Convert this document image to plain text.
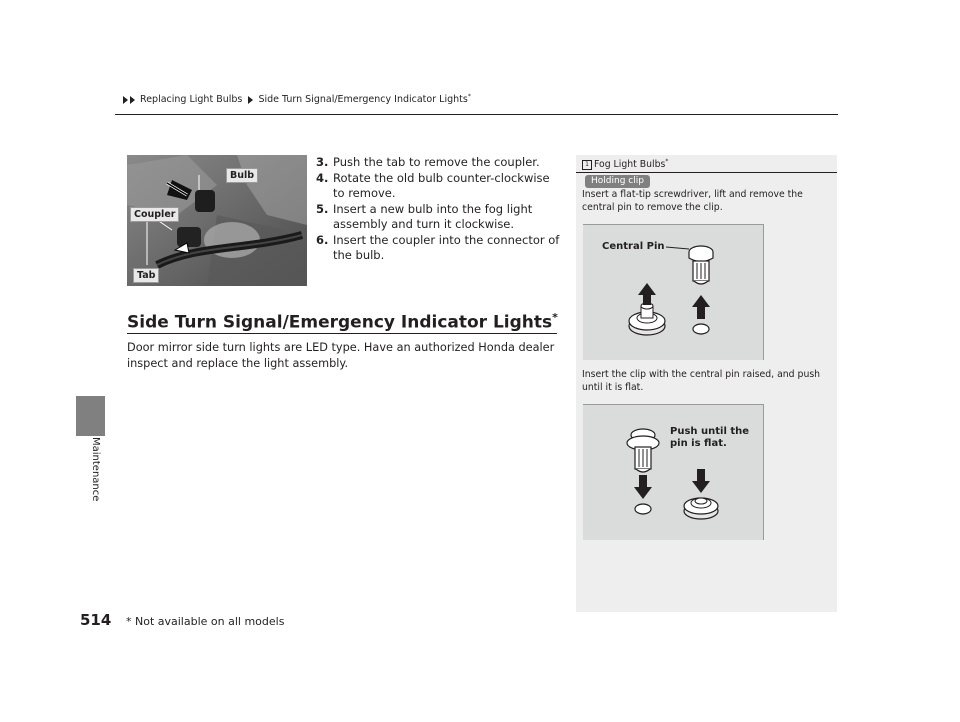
Replacing Light Bulbs Side Turn Signal/Emergency Indicator Lights*
Maintenance
Bulb
Coupler
Tab

3. Push the tab to remove the coupler.

4. Rotate the old bulb counter-clockwise to remove.

5. Insert a new bulb into the fog light assembly and turn it clockwise.

6. Insert the coupler into the connector of the bulb.

Side Turn Signal/Emergency Indicator Lights*
Door mirror side turn lights are LED type. Have an authorized Honda dealer inspect and replace the light assembly.
1 Fog Light Bulbs*
Holding clip
Insert a flat-tip screwdriver, lift and remove the central pin to remove the clip.
Central Pin
Insert the clip with the central pin raised, and push until it is flat.
Push until the pin is flat.
514 * Not available on all models
